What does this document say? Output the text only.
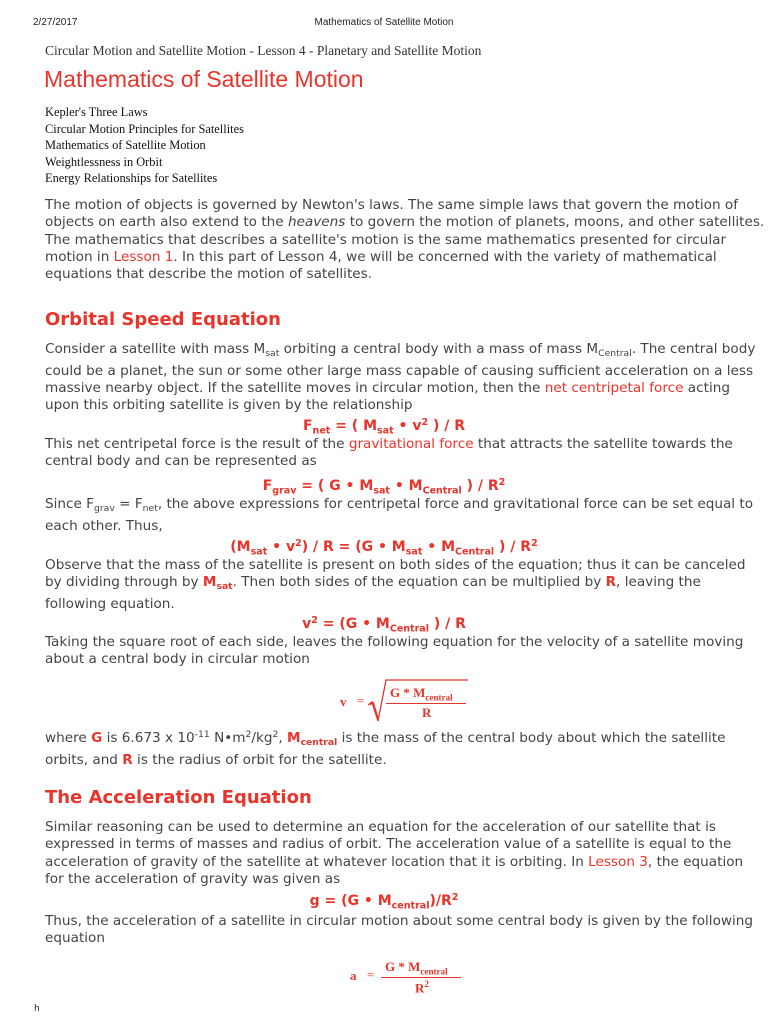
2/27/2017	Mathematics of Satellite Motion
Circular Motion and Satellite Motion - Lesson 4 - Planetary and Satellite Motion
Mathematics of Satellite Motion
Kepler's Three Laws
Circular Motion Principles for Satellites
Mathematics of Satellite Motion
Weightlessness in Orbit
Energy Relationships for Satellites
The motion of objects is governed by Newton's laws. The same simple laws that govern the motion of objects on earth also extend to the heavens to govern the motion of planets, moons, and other satellites. The mathematics that describes a satellite's motion is the same mathematics presented for circular motion in Lesson 1. In this part of Lesson 4, we will be concerned with the variety of mathematical equations that describe the motion of satellites.
Orbital Speed Equation
Consider a satellite with mass $M_{sat}$ orbiting a central body with a mass of mass $M_{Central}$. The central body could be a planet, the sun or some other large mass capable of causing sufficient acceleration on a less massive nearby object. If the satellite moves in circular motion, then the net centripetal force acting upon this orbiting satellite is given by the relationship
$F_{net}$ = ( $M_{sat}$ • $v^2$ ) / R
This net centripetal force is the result of the gravitational force that attracts the satellite towards the central body and can be represented as
$F_{grav}$ = ( G • $M_{sat}$ • $M_{Central}$ ) / $R^2$
Since $F_{grav} = F_{net}$, the above expressions for centripetal force and gravitational force can be set equal to each other. Thus,
($M_{sat}$ • $v^2) / R = (G$ • $M_{sat}$ • $M_{Central}$ ) / $R^2$
Observe that the mass of the satellite is present on both sides of the equation; thus it can be canceled by dividing through by $M_{sat}$. Then both sides of the equation can be multiplied by R, leaving the following equation.
$v^2 = (G$ • $M_{Central}$ ) / R
Taking the square root of each side, leaves the following equation for the velocity of a satellite moving about a central body in circular motion
v =
G * $M_{central}$
R
where G is 6.673 x $10^{-11}$ $N•m^2/kg^2$, $M_{central}$ is the mass of the central body about which the satellite orbits, and R is the radius of orbit for the satellite.
The Acceleration Equation
Similar reasoning can be used to determine an equation for the acceleration of our satellite that is expressed in terms of masses and radius of orbit. The acceleration value of a satellite is equal to the acceleration of gravity of the satellite at whatever location that it is orbiting. In Lesson 3, the equation for the acceleration of gravity was given as
g = (G • $M_{central})/R^2$
Thus, the acceleration of a satellite in circular motion about some central body is given by the following equation
a =
G * $M_{central}$
$R^2$
h
